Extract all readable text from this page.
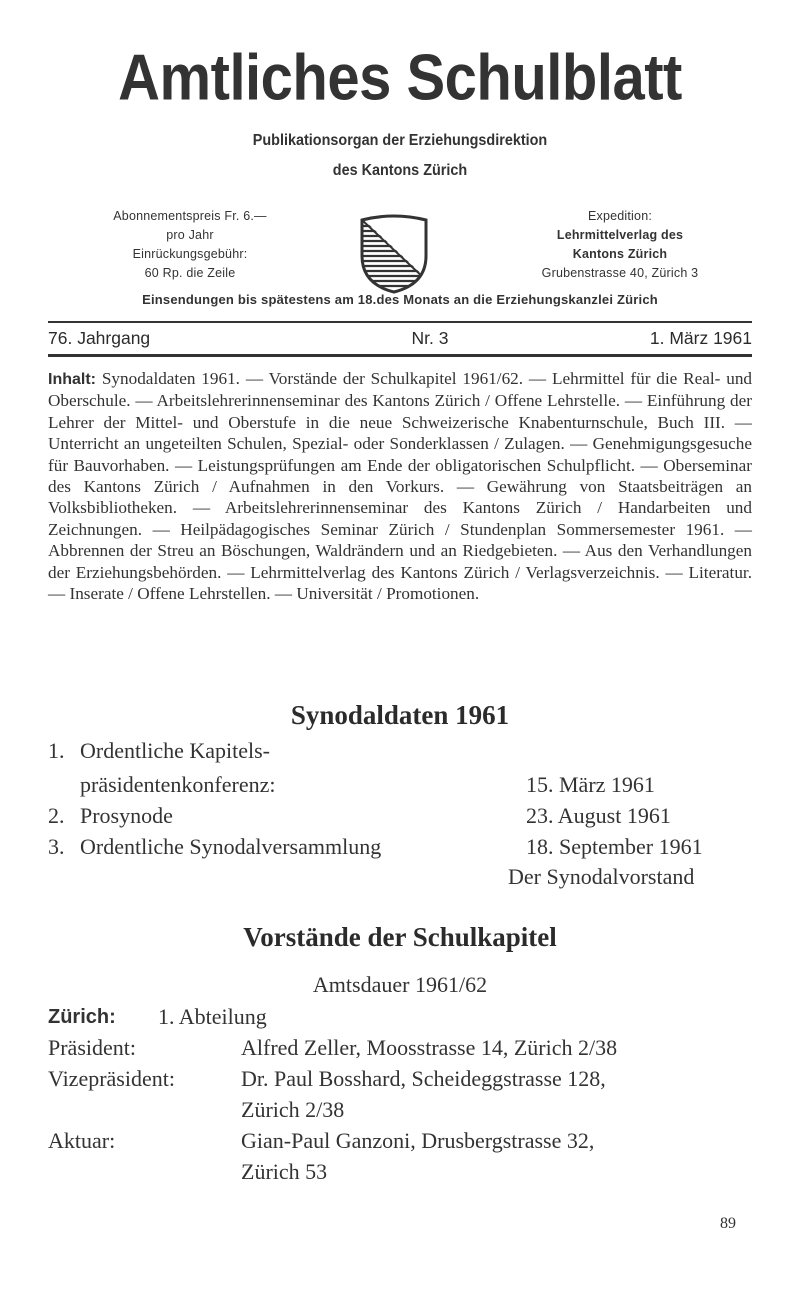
Amtliches Schulblatt
Publikationsorgan der Erziehungsdirektion
des Kantons Zürich
Abonnementspreis Fr. 6.—
pro Jahr
Einrückungsgebühr:
60 Rp. die Zeile
Expedition:
Lehrmittelverlag des
Kantons Zürich
Grubenstrasse 40, Zürich 3
Einsendungen bis spätestens am 18.des Monats an die Erziehungskanzlei Zürich
76. Jahrgang	Nr. 3	1. März 1961
Inhalt: Synodaldaten 1961. — Vorstände der Schulkapitel 1961/62. — Lehrmittel für die Real- und Oberschule. — Arbeitslehrerinnenseminar des Kantons Zürich / Offene Lehrstelle. — Einführung der Lehrer der Mittel- und Oberstufe in die neue Schweizerische Knabenturnschule, Buch III. — Unterricht an ungeteilten Schulen, Spezial- oder Sonderklassen / Zulagen. — Genehmigungsgesuche für Bauvorhaben. — Leistungsprüfungen am Ende der obligatorischen Schulpflicht. — Oberseminar des Kantons Zürich / Aufnahmen in den Vorkurs. — Gewährung von Staatsbeiträgen an Volksbibliotheken. — Arbeitslehrerinnenseminar des Kantons Zürich / Handarbeiten und Zeichnungen. — Heilpädagogisches Seminar Zürich / Stundenplan Sommersemester 1961. — Abbrennen der Streu an Böschungen, Waldrändern und an Riedgebieten. — Aus den Verhandlungen der Erziehungsbehörden. — Lehrmittelverlag des Kantons Zürich / Verlagsverzeichnis. — Literatur. — Inserate / Offene Lehrstellen. — Universität / Promotionen.
Synodaldaten 1961
1. Ordentliche Kapitels-
präsidentenkonferenz:	15. März 1961
2. Prosynode	23. August 1961
3. Ordentliche Synodalversammlung	18. September 1961
Der Synodalvorstand
Vorstände der Schulkapitel
Amtsdauer 1961/62
Zürich: 1. Abteilung
Präsident:	Alfred Zeller, Moosstrasse 14, Zürich 2/38
Vizepräsident:	Dr. Paul Bosshard, Scheideggstrasse 128,
Zürich 2/38
Aktuar:	Gian-Paul Ganzoni, Drusbergstrasse 32,
Zürich 53
89
